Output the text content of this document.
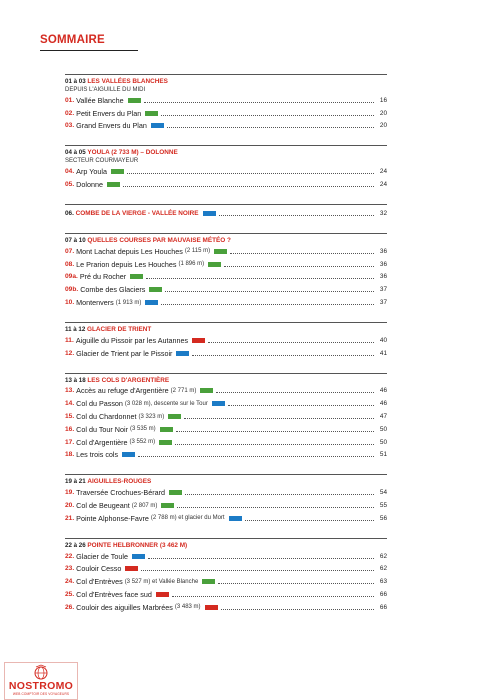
SOMMAIRE
01 à 03 LES VALLÉES BLANCHES
DEPUIS L'AIGUILLE DU MIDI
01.
Vallée Blanche	16
02.
Petit Envers du Plan	20
03.
Grand Envers du Plan	20
04 à 05 YOULA (2 733 M) – DOLONNE
SECTEUR COURMAYEUR
04.
Arp Youla	24
05.
Dolonne	24
06.
COMBE DE LA VIERGE - VALLÉE NOIRE	32
07 à 10 QUELLES COURSES PAR MAUVAISE MÉTÉO ?
07.
Mont Lachat depuis Les Houches
(2 115 m)	36
08.
Le Prarion depuis Les Houches
(1 896 m)	36
09a.
Pré du Rocher	36
09b.
Combe des Glaciers	37
10.
Montenvers
(1 913 m)	37
11 à 12 GLACIER DE TRIENT
11.
Aiguille du Pissoir par les Autannes	40
12.
Glacier de Trient par le Pissoir	41
13 à 18 LES COLS D'ARGENTIÈRE
13.
Accès au refuge d'Argentière
(2 771 m)	46
14.
Col du Passon
(3 028 m), descente sur le Tour	46
15.
Col du Chardonnet
(3 323 m)	47
16.
Col du Tour Noir
(3 535 m)	50
17.
Col d'Argentière
(3 552 m)	50
18.
Les trois cols	51
19 à 21 AIGUILLES-ROUGES
19.
Traversée Crochues-Bérard	54
20.
Col de Beugeant
(2 807 m)	55
21.
Pointe Alphonse-Favre
(2 788 m) et glacier du Mort	56
22 à 26 POINTE HELBRONNER (3 462 M)
22.
Glacier de Toule	62
23.
Couloir Cesso	62
24.
Col d'Entrèves
(3 527 m) et Vallée Blanche	63
25.
Col d'Entrèves face sud	66
26.
Couloir des aiguilles Marbrées
(3 483 m)	66
NOSTROMO
WEB COMPTOIR DES VOYAGEURS
